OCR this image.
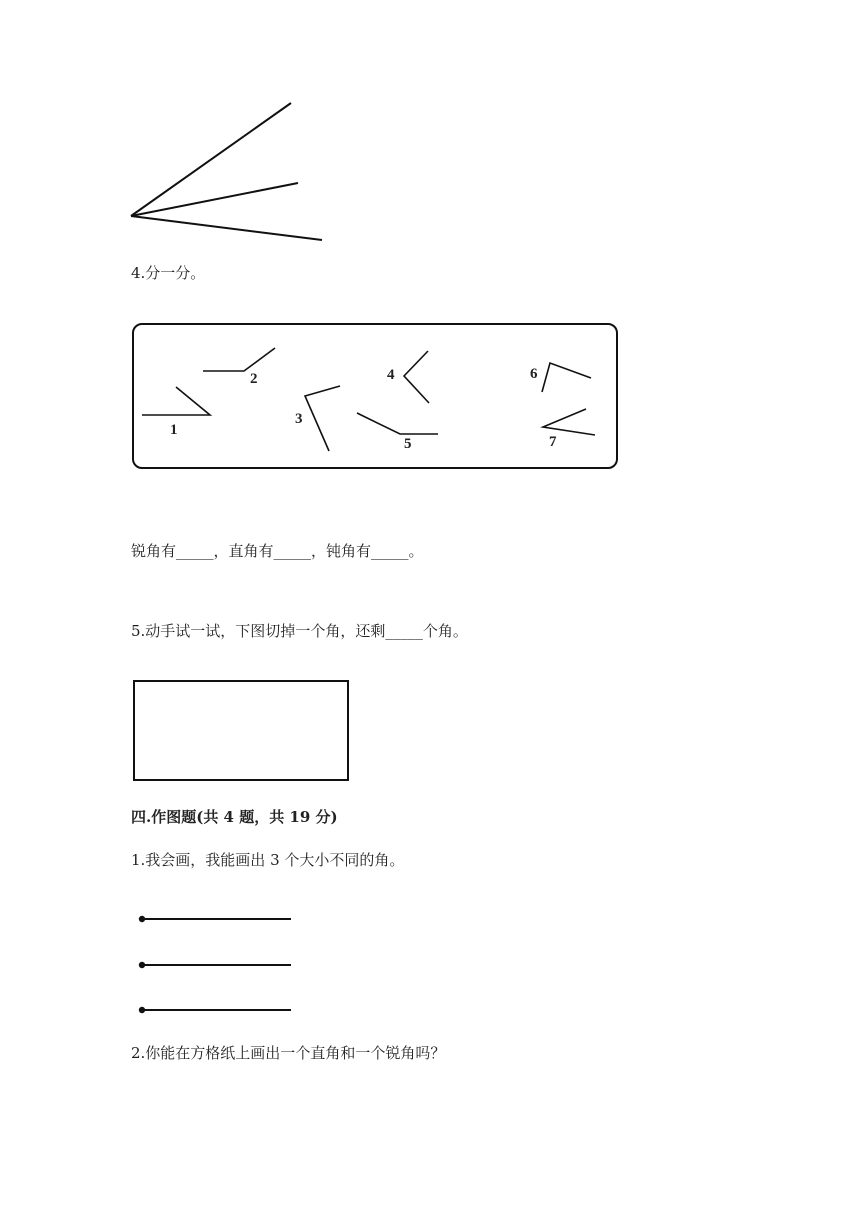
1
2
3
4
5
6
7
4.分一分。
锐角有_____，直角有_____，钝角有_____。
5.动手试一试，下图切掉一个角，还剩_____个角。
四.作图题(共 4 题，共 19 分)
1.我会画，我能画出 3 个大小不同的角。
2.你能在方格纸上画出一个直角和一个锐角吗？
